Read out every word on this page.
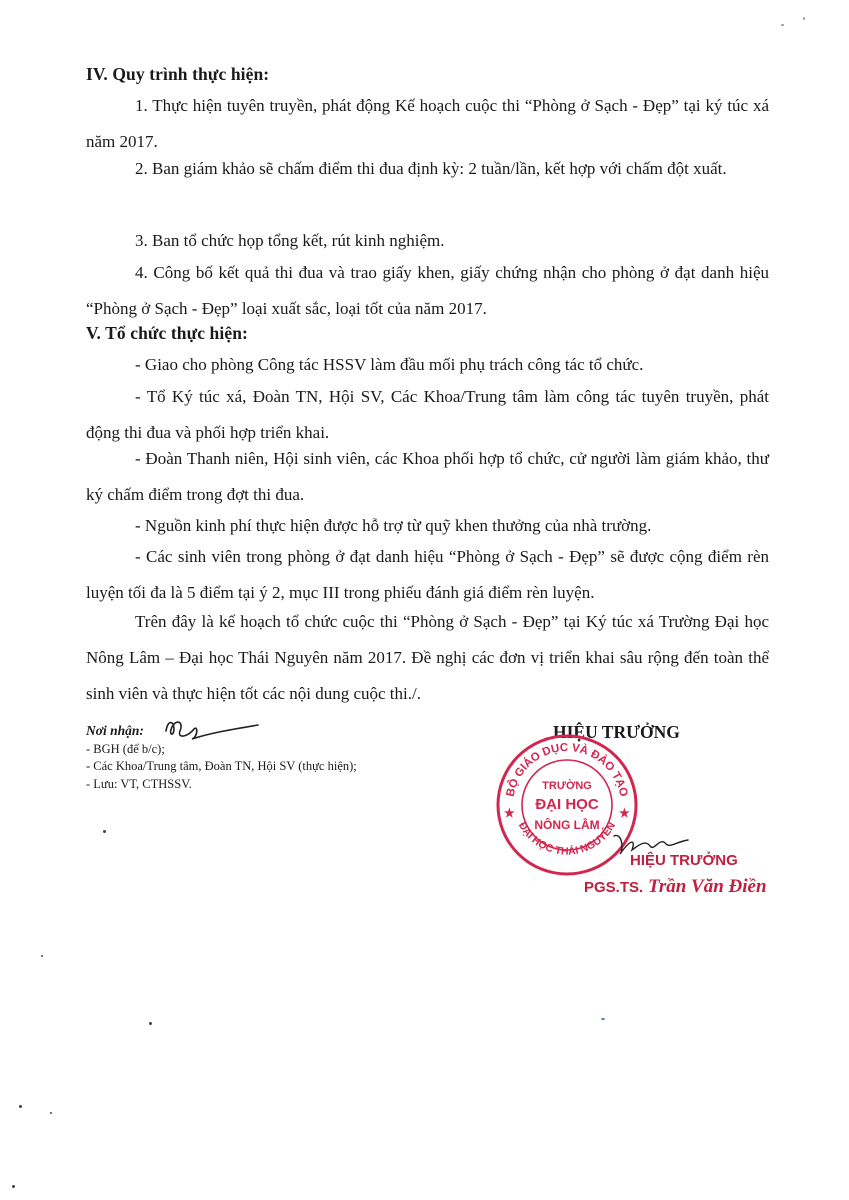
IV. Quy trình thực hiện:
1. Thực hiện tuyên truyền, phát động Kế hoạch cuộc thi “Phòng ở Sạch - Đẹp” tại ký túc xá năm 2017.
2. Ban giám khảo sẽ chấm điểm thi đua định kỳ: 2 tuần/lần, kết hợp với chấm đột xuất.
3. Ban tổ chức họp tổng kết, rút kinh nghiệm.
4. Công bố kết quả thi đua và trao giấy khen, giấy chứng nhận cho phòng ở đạt danh hiệu “Phòng ở Sạch - Đẹp” loại xuất sắc, loại tốt của năm 2017.
V. Tổ chức thực hiện:
- Giao cho phòng Công tác HSSV làm đầu mối phụ trách công tác tổ chức.
- Tổ Ký túc xá, Đoàn TN, Hội SV, Các Khoa/Trung tâm làm công tác tuyên truyền, phát động thi đua và phối hợp triển khai.
- Đoàn Thanh niên, Hội sinh viên, các Khoa phối hợp tổ chức, cử người làm giám khảo, thư ký chấm điểm trong đợt thi đua.
- Nguồn kinh phí thực hiện được hỗ trợ từ quỹ khen thưởng của nhà trường.
- Các sinh viên trong phòng ở đạt danh hiệu “Phòng ở Sạch - Đẹp” sẽ được cộng điểm rèn luyện tối đa là 5 điểm tại ý 2, mục III trong phiếu đánh giá điểm rèn luyện.
Trên đây là kế hoạch tổ chức cuộc thi “Phòng ở Sạch - Đẹp” tại Ký túc xá Trường Đại học Nông Lâm – Đại học Thái Nguyên năm 2017. Đề nghị các đơn vị triển khai sâu rộng đến toàn thể sinh viên và thực hiện tốt các nội dung cuộc thi./.
Nơi nhận:
- BGH (để b/c);
- Các Khoa/Trung tâm, Đoàn TN, Hội SV (thực hiện);
- Lưu: VT, CTHSSV.
HIỆU TRƯỞNG
BỘ GIÁO DỤC VÀ ĐÀO TẠO
ĐẠI HỌC THÁI NGUYÊN
TRƯỜNG
ĐẠI HỌC
NÔNG LÂM
★	★
HIỆU TRƯỞNG
PGS.TS. Trần Văn Điền
